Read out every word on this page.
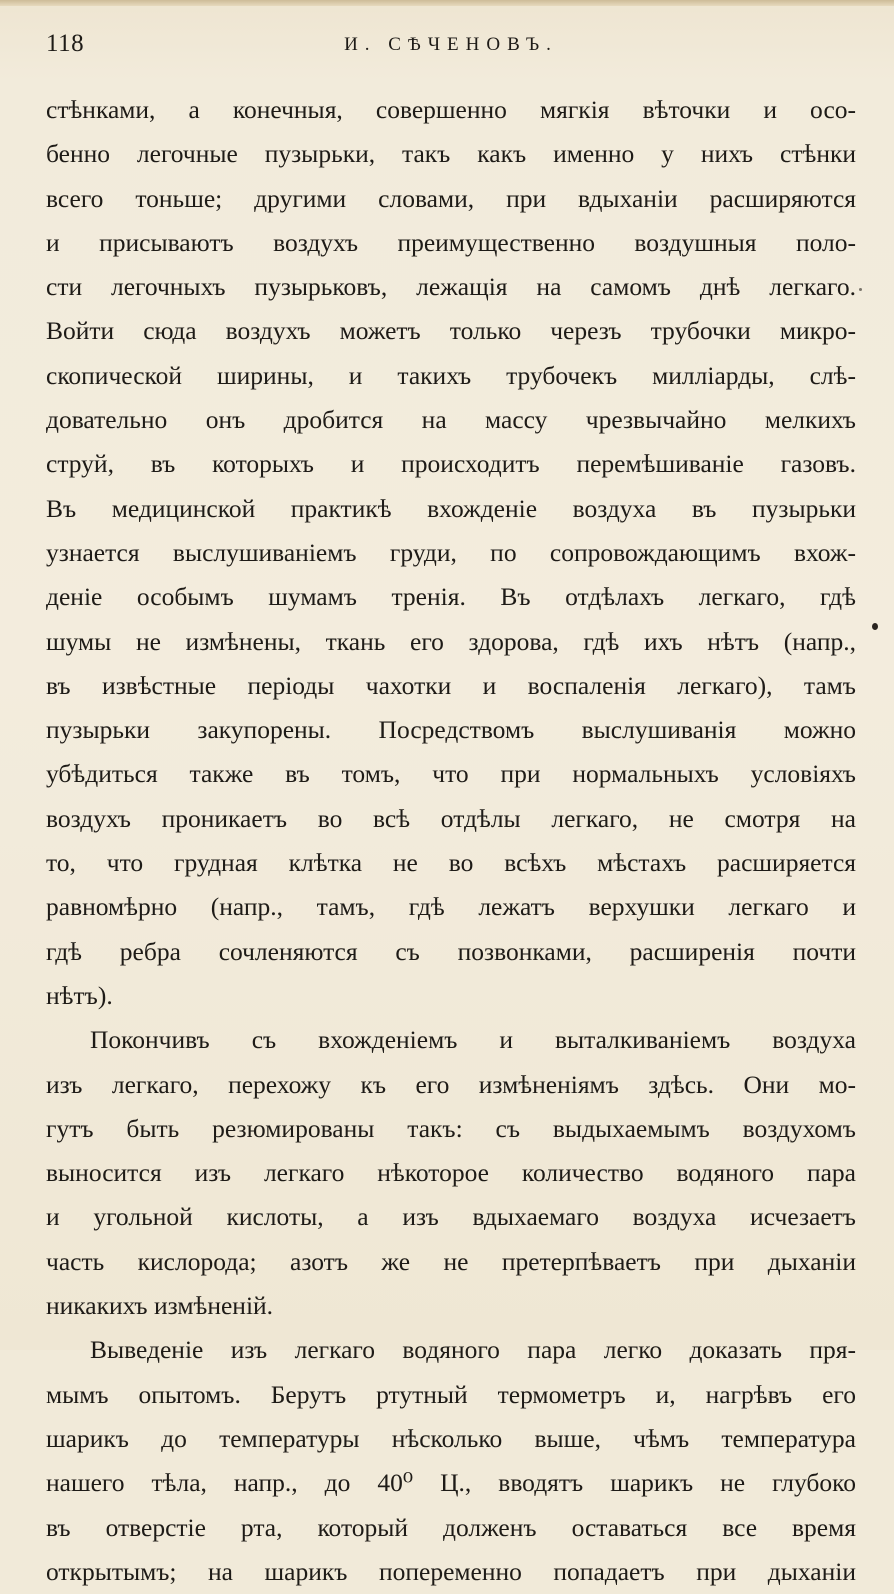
118	И. СѢЧЕНОВЪ.
стѣнками, а конечныя, совершенно мягкія вѣточки и осо-
бенно легочные пузырьки, такъ какъ именно у нихъ стѣнки
всего тоньше; другими словами, при вдыханіи расширяются
и присываютъ воздухъ преимущественно воздушныя поло-
сти легочныхъ пузырьковъ, лежащія на самомъ днѣ легкаго.
Войти сюда воздухъ можетъ только черезъ трубочки микро-
скопической ширины, и такихъ трубочекъ милліарды, слѣ-
довательно онъ дробится на массу чрезвычайно мелкихъ
струй, въ которыхъ и происходитъ перемѣшиваніе газовъ.
Въ медицинской практикѣ вхожденіе воздуха въ пузырьки
узнается выслушиваніемъ груди, по сопровождающимъ вхож-
деніе особымъ шумамъ тренія. Въ отдѣлахъ легкаго, гдѣ
шумы не измѣнены, ткань его здорова, гдѣ ихъ нѣтъ (напр.,
въ извѣстные періоды чахотки и воспаленія легкаго), тамъ
пузырьки закупорены. Посредствомъ выслушиванія можно
убѣдиться также въ томъ, что при нормальныхъ условіяхъ
воздухъ проникаетъ во всѣ отдѣлы легкаго, не смотря на
то, что грудная клѣтка не во всѣхъ мѣстахъ расширяется
равномѣрно (напр., тамъ, гдѣ лежатъ верхушки легкаго и
гдѣ ребра сочленяются съ позвонками, расширенія почти
нѣтъ).
Покончивъ съ вхожденіемъ и выталкиваніемъ воздуха
изъ легкаго, перехожу къ его измѣненіямъ здѣсь. Они мо-
гутъ быть резюмированы такъ: съ выдыхаемымъ воздухомъ
выносится изъ легкаго нѣкоторое количество водяного пара
и угольной кислоты, а изъ вдыхаемаго воздуха исчезаетъ
часть кислорода; азотъ же не претерпѣваетъ при дыханіи
никакихъ измѣненій.
Выведеніе изъ легкаго водяного пара легко доказать пря-
мымъ опытомъ. Берутъ ртутный термометръ и, нагрѣвъ его
шарикъ до температуры нѣсколько выше, чѣмъ температура
нашего тѣла, напр., до 40⁰ Ц., вводятъ шарикъ не глубоко
въ отверстіе рта, который долженъ оставаться все время
открытымъ; на шарикъ попеременно попадаетъ при дыханіи
